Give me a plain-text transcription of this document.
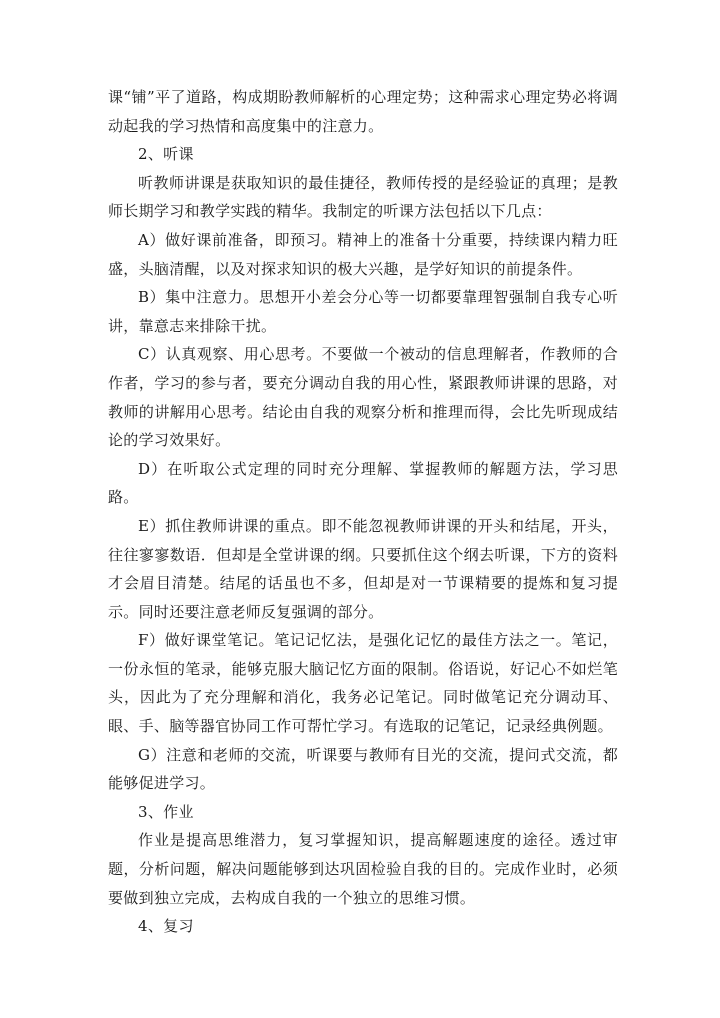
课“铺”平了道路，构成期盼教师解析的心理定势；这种需求心理定势必将调动起我的学习热情和高度集中的注意力。

2、听课

听教师讲课是获取知识的最佳捷径，教师传授的是经验证的真理；是教师长期学习和教学实践的精华。我制定的听课方法包括以下几点：

A）做好课前准备，即预习。精神上的准备十分重要，持续课内精力旺盛，头脑清醒，以及对探求知识的极大兴趣，是学好知识的前提条件。

B）集中注意力。思想开小差会分心等一切都要靠理智强制自我专心听讲，靠意志来排除干扰。

C）认真观察、用心思考。不要做一个被动的信息理解者，作教师的合作者，学习的参与者，要充分调动自我的用心性，紧跟教师讲课的思路，对教师的讲解用心思考。结论由自我的观察分析和推理而得，会比先听现成结论的学习效果好。

D）在听取公式定理的同时充分理解、掌握教师的解题方法，学习思路。

E）抓住教师讲课的重点。即不能忽视教师讲课的开头和结尾，开头，往往寥寥数语．但却是全堂讲课的纲。只要抓住这个纲去听课，下方的资料才会眉目清楚。结尾的话虽也不多，但却是对一节课精要的提炼和复习提示。同时还要注意老师反复强调的部分。

F）做好课堂笔记。笔记记忆法，是强化记忆的最佳方法之一。笔记，一份永恒的笔录，能够克服大脑记忆方面的限制。俗语说，好记心不如烂笔头，因此为了充分理解和消化，我务必记笔记。同时做笔记充分调动耳、眼、手、脑等器官协同工作可帮忙学习。有选取的记笔记，记录经典例题。

G）注意和老师的交流，听课要与教师有目光的交流，提问式交流，都能够促进学习。

3、作业

作业是提高思维潜力，复习掌握知识，提高解题速度的途径。透过审题，分析问题，解决问题能够到达巩固检验自我的目的。完成作业时，必须要做到独立完成，去构成自我的一个独立的思维习惯。

4、复习
